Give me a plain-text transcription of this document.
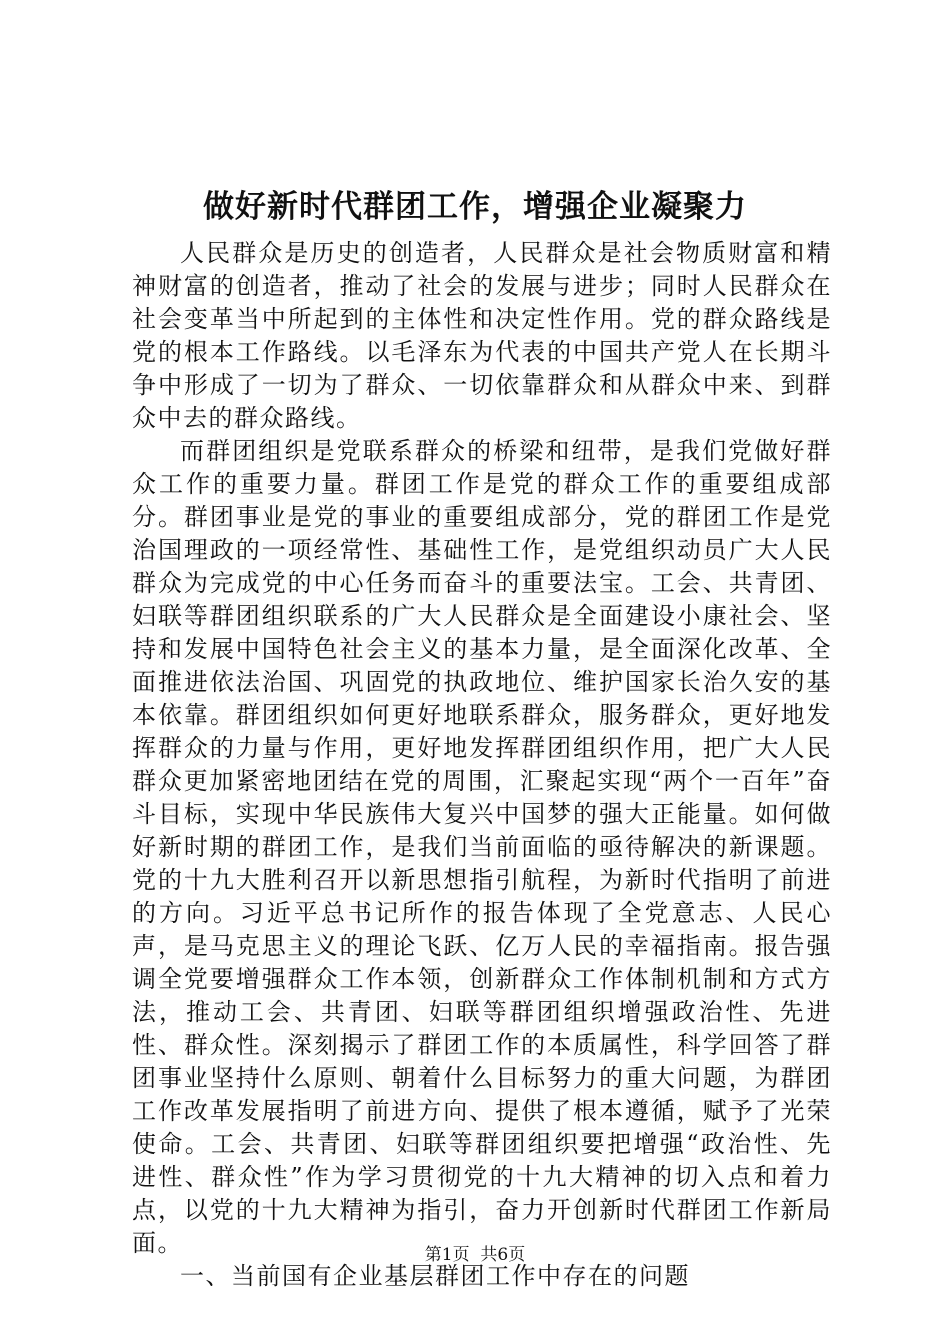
做好新时代群团工作，增强企业凝聚力

人民群众是历史的创造者，人民群众是社会物质财富和精神财富的创造者，推动了社会的发展与进步；同时人民群众在社会变革当中所起到的主体性和决定性作用。党的群众路线是党的根本工作路线。以毛泽东为代表的中国共产党人在长期斗争中形成了一切为了群众、一切依靠群众和从群众中来、到群众中去的群众路线。

而群团组织是党联系群众的桥梁和纽带，是我们党做好群众工作的重要力量。群团工作是党的群众工作的重要组成部分。群团事业是党的事业的重要组成部分，党的群团工作是党治国理政的一项经常性、基础性工作，是党组织动员广大人民群众为完成党的中心任务而奋斗的重要法宝。工会、共青团、妇联等群团组织联系的广大人民群众是全面建设小康社会、坚持和发展中国特色社会主义的基本力量，是全面深化改革、全面推进依法治国、巩固党的执政地位、维护国家长治久安的基本依靠。群团组织如何更好地联系群众，服务群众，更好地发挥群众的力量与作用，更好地发挥群团组织作用，把广大人民群众更加紧密地团结在党的周围，汇聚起实现“两个一百年”奋斗目标，实现中华民族伟大复兴中国梦的强大正能量。如何做好新时期的群团工作，是我们当前面临的亟待解决的新课题。党的十九大胜利召开以新思想指引航程，为新时代指明了前进的方向。习近平总书记所作的报告体现了全党意志、人民心声，是马克思主义的理论飞跃、亿万人民的幸福指南。报告强调全党要增强群众工作本领，创新群众工作体制机制和方式方法，推动工会、共青团、妇联等群团组织增强政治性、先进性、群众性。深刻揭示了群团工作的本质属性，科学回答了群团事业坚持什么原则、朝着什么目标努力的重大问题，为群团工作改革发展指明了前进方向、提供了根本遵循，赋予了光荣使命。工会、共青团、妇联等群团组织要把增强“政治性、先进性、群众性”作为学习贯彻党的十九大精神的切入点和着力点，以党的十九大精神为指引，奋力开创新时代群团工作新局面。

一、当前国有企业基层群团工作中存在的问题

第1页  共6页
